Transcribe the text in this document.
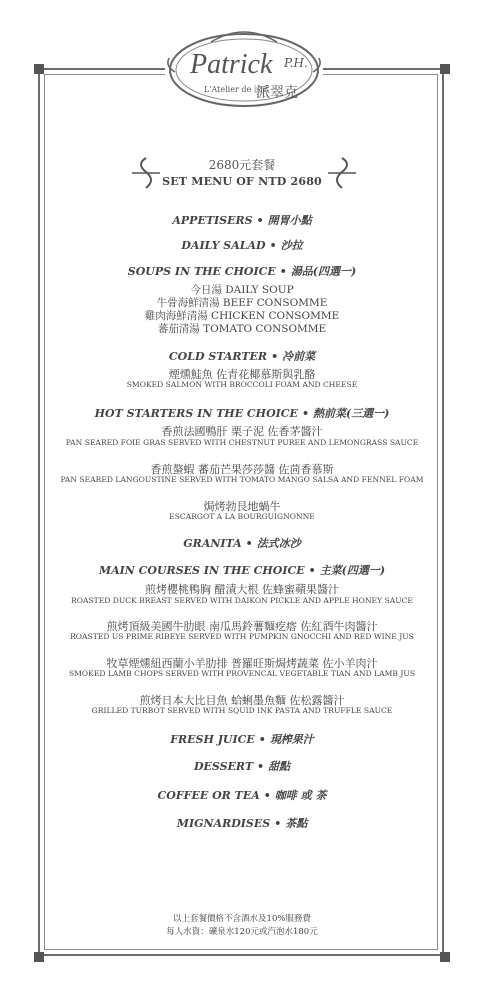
Patrick P.H.
L'Atelier de 法式
派翠克
2680元套餐
SET MENU OF NTD 2680
APPETISERS • 開胃小點
DAILY SALAD • 沙拉
SOUPS IN THE CHOICE • 湯品(四選一)
今日湯 DAILY SOUP
牛骨海鮮清湯 BEEF CONSOMME
雞肉海鮮清湯 CHICKEN CONSOMME
蕃茄清湯 TOMATO CONSOMME
COLD STARTER • 冷前菜
煙燻鮭魚 佐青花椰慕斯與乳酪
SMOKED SALMON WITH BROCCOLI FOAM AND CHEESE
HOT STARTERS IN THE CHOICE • 熱前菜(三選一)
香煎法國鴨肝 栗子泥 佐香茅醬汁
PAN SEARED FOIE GRAS SERVED WITH CHESTNUT PUREE AND LEMONGRASS SAUCE
香煎螯蝦 蕃茄芒果莎莎醬 佐茴香慕斯
PAN SEARED LANGOUSTINE SERVED WITH TOMATO MANGO SALSA AND FENNEL FOAM
焗烤勃艮地蝸牛
ESCARGOT A LA BOURGUIGNONNE
GRANITA • 法式冰沙
MAIN COURSES IN THE CHOICE • 主菜(四選一)
煎烤櫻桃鴨胸 醋漬大根 佐蜂蜜蘋果醬汁
ROASTED DUCK BREAST SERVED WITH DAIKON PICKLE AND APPLE HONEY SAUCE
煎烤頂級美國牛肋眼 南瓜馬鈴薯麵疙瘩 佐紅酒牛肉醬汁
ROASTED US PRIME RIBEYE SERVED WITH PUMPKIN GNOCCHI AND RED WINE JUS
牧草煙燻紐西蘭小羊肋排 普羅旺斯焗烤蔬菜 佐小羊肉汁
SMOKED LAMB CHOPS SERVED WITH PROVENCAL VEGETABLE TIAN AND LAMB JUS
煎烤日本大比目魚 蛤蜊墨魚麵 佐松露醬汁
GRILLED TURBOT SERVED WITH SQUID INK PASTA AND TRUFFLE SAUCE
FRESH JUICE • 現榨果汁
DESSERT • 甜點
COFFEE OR TEA • 咖啡 或 茶
MIGNARDISES • 茶點
以上套餐價格不含酒水及10%服務費
每人水資：礦泉水120元或汽泡水180元
